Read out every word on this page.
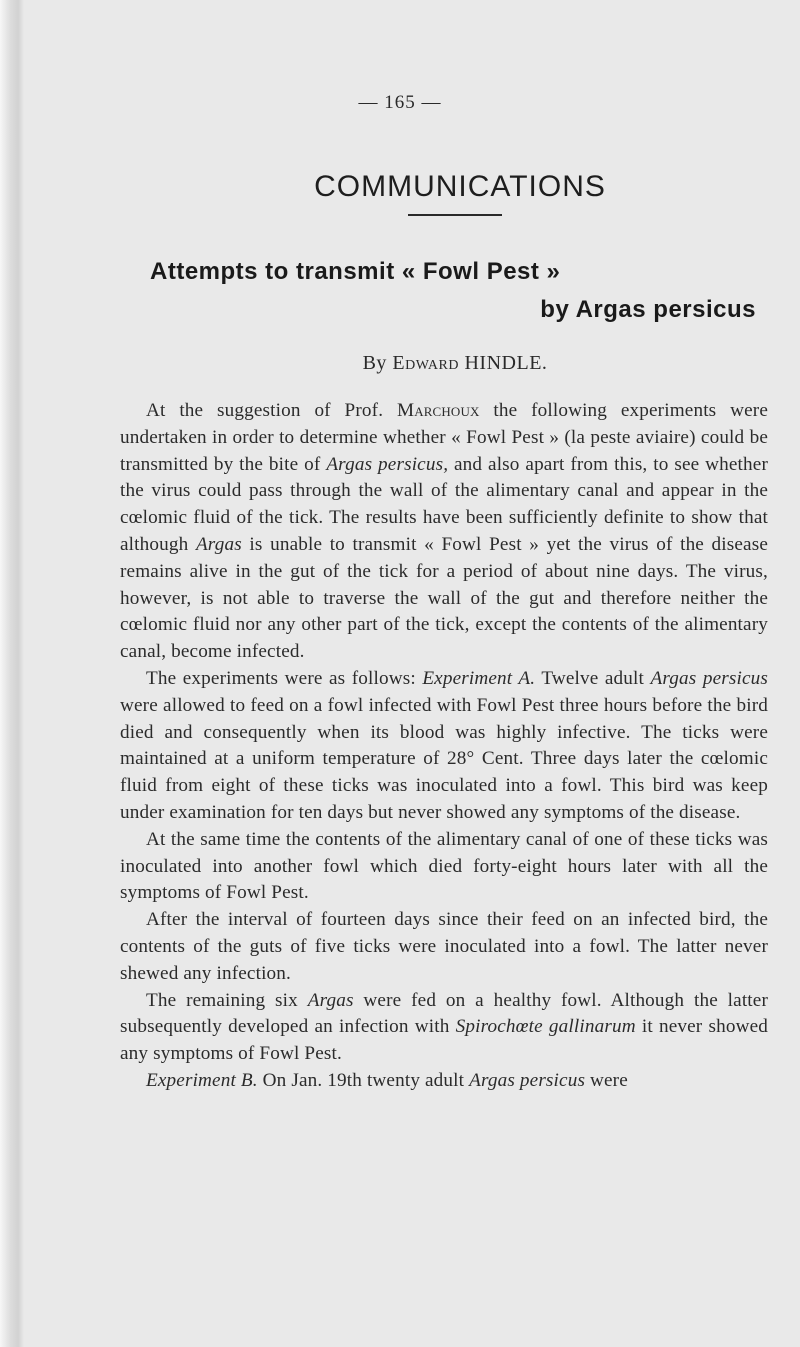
— 165 —
COMMUNICATIONS
Attempts to transmit « Fowl Pest »
by Argas persicus
By Edward HINDLE.

At the suggestion of Prof. Marchoux the following experiments were undertaken in order to determine whether « Fowl Pest » (la peste aviaire) could be transmitted by the bite of Argas persicus, and also apart from this, to see whether the virus could pass through the wall of the alimentary canal and appear in the cœlomic fluid of the tick. The results have been sufficiently definite to show that although Argas is unable to transmit « Fowl Pest » yet the virus of the disease remains alive in the gut of the tick for a period of about nine days. The virus, however, is not able to traverse the wall of the gut and therefore neither the cœlomic fluid nor any other part of the tick, except the contents of the alimentary canal, become infected.

The experiments were as follows: Experiment A. Twelve adult Argas persicus were allowed to feed on a fowl infected with Fowl Pest three hours before the bird died and consequently when its blood was highly infective. The ticks were maintained at a uniform temperature of 28° Cent. Three days later the cœlomic fluid from eight of these ticks was inoculated into a fowl. This bird was keep under examination for ten days but never showed any symptoms of the disease.

At the same time the contents of the alimentary canal of one of these ticks was inoculated into another fowl which died forty-eight hours later with all the symptoms of Fowl Pest.

After the interval of fourteen days since their feed on an infected bird, the contents of the guts of five ticks were inoculated into a fowl. The latter never shewed any infection.

The remaining six Argas were fed on a healthy fowl. Although the latter subsequently developed an infection with Spirochœte gallinarum it never showed any symptoms of Fowl Pest.

Experiment B. On Jan. 19th twenty adult Argas persicus were
